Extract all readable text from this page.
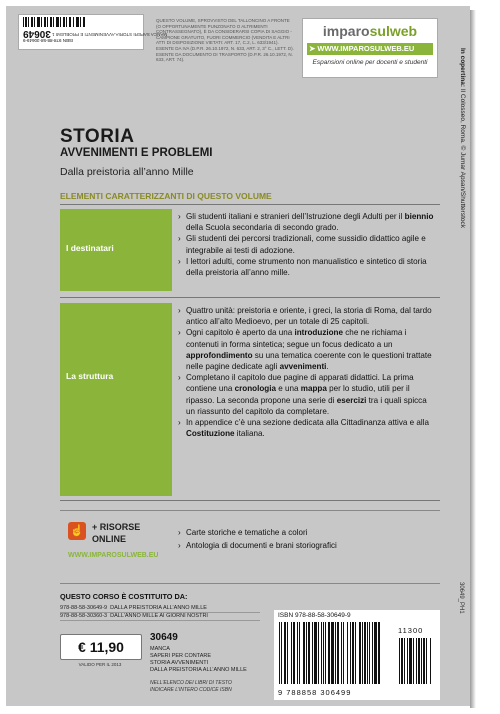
30649
ISBN 978-88-58-30649-9
MANCA SAPERI STORIA AVVENIMENTI E PROBLEMI 1
QUESTO VOLUME, SPROVVISTO DEL TALLONCINO A FRONTE (O OPPORTUNAMENTE PUNZONATO O ALTRIMENTI CONTRASSEGNATO), È DA CONSIDERARSI COPIA DI SAGGIO - CAMPIONE GRATUITO, FUORI COMMERCIO (VENDITA E ALTRI ATTI DI DISPOSIZIONE VIETATI: ART. 17, C.2, L. 633/1941). ESENTE DA IVA (D.P.R. 26.10.1972, N. 633, ART. 2, 3° C., LETT. D). ESENTE DA DOCUMENTO DI TRASPORTO (D.P.R. 26.10.1972, N. 633, ART. 74).
imparosulweb
➤ WWW.IMPAROSULWEB.EU
Espansioni online per docenti e studenti	In copertina: Il Colosseo, Roma. © Jumar Apsan/Shutterstock
30649_PH1
STORIA
AVVENIMENTI E PROBLEMI
Dalla preistoria all’anno Mille
ELEMENTI CARATTERIZZANTI DI QUESTO VOLUME
I destinatari

› Gli studenti italiani e stranieri dell’Istruzione degli Adulti per il biennio della Scuola secondaria di secondo grado.

› Gli studenti dei percorsi tradizionali, come sussidio didattico agile e integrabile ai testi di adozione.

› I lettori adulti, come strumento non manualistico e sintetico di storia della preistoria all’anno mille.

La struttura

› Quattro unità: preistoria e oriente, i greci, la storia di Roma, dal tardo antico all’alto Medioevo, per un totale di 25 capitoli.

› Ogni capitolo è aperto da una introduzione che ne richiama i contenuti in forma sintetica; segue un focus dedicato a un approfondimento su una tematica coerente con le questioni trattate nelle pagine dedicate agli avvenimenti.

› Completano il capitolo due pagine di apparati didattici. La prima contiene una cronologia e una mappa per lo studio, utili per il ripasso. La seconda propone una serie di esercizi tra i quali spicca un riassunto del capitolo da completare.

› In appendice c’è una sezione dedicata alla Cittadinanza attiva e alla Costituzione italiana.

☝ + RISORSE
ONLINE
WWW.IMPAROSULWEB.EU

› Carte storiche e tematiche a colori

› Antologia di documenti e brani storiografici

QUESTO CORSO È COSTITUITO DA:
978-88-58-30649-9 DALLA PREISTORIA ALL’ANNO MILLE
978-88-58-30360-3 DALL’ANNO MILLE AI GIORNI NOSTRI
€ 11,90
VALIDO PER IL 2013
30649
MANCA
SAPERI PER CONTARE
STORIA AVVENIMENTI
DALLA PREISTORIA ALL’ANNO MILLE
NELL’ELENCO DEI LIBRI DI TESTO
INDICARE L’INTERO CODICE ISBN
ISBN 978-88-58-30649-9
11300
9 788858 306499
